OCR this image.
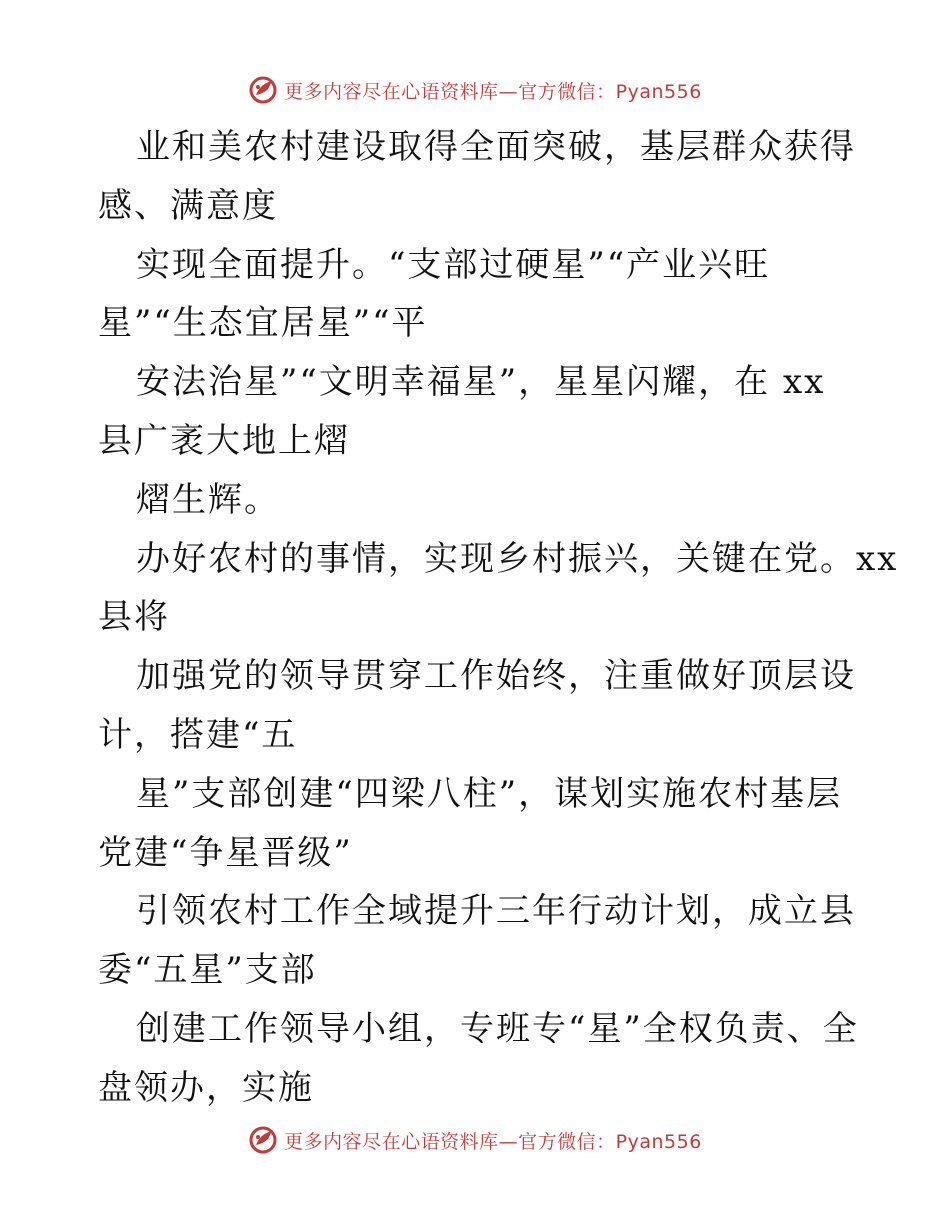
更多内容尽在心语资料库—官方微信：Pyan556
业和美农村建设取得全面突破，基层群众获得
感、满意度
实现全面提升。“支部过硬星”“产业兴旺
星”“生态宜居星”“平
安法治星”“文明幸福星”，星星闪耀，在 xx
县广袤大地上熠
熠生辉。
办好农村的事情，实现乡村振兴，关键在党。xx
县将
加强党的领导贯穿工作始终，注重做好顶层设
计，搭建“五
星”支部创建“四梁八柱”，谋划实施农村基层
党建“争星晋级”
引领农村工作全域提升三年行动计划，成立县
委“五星”支部
创建工作领导小组，专班专“星”全权负责、全
盘领办，实施
更多内容尽在心语资料库—官方微信：Pyan556
